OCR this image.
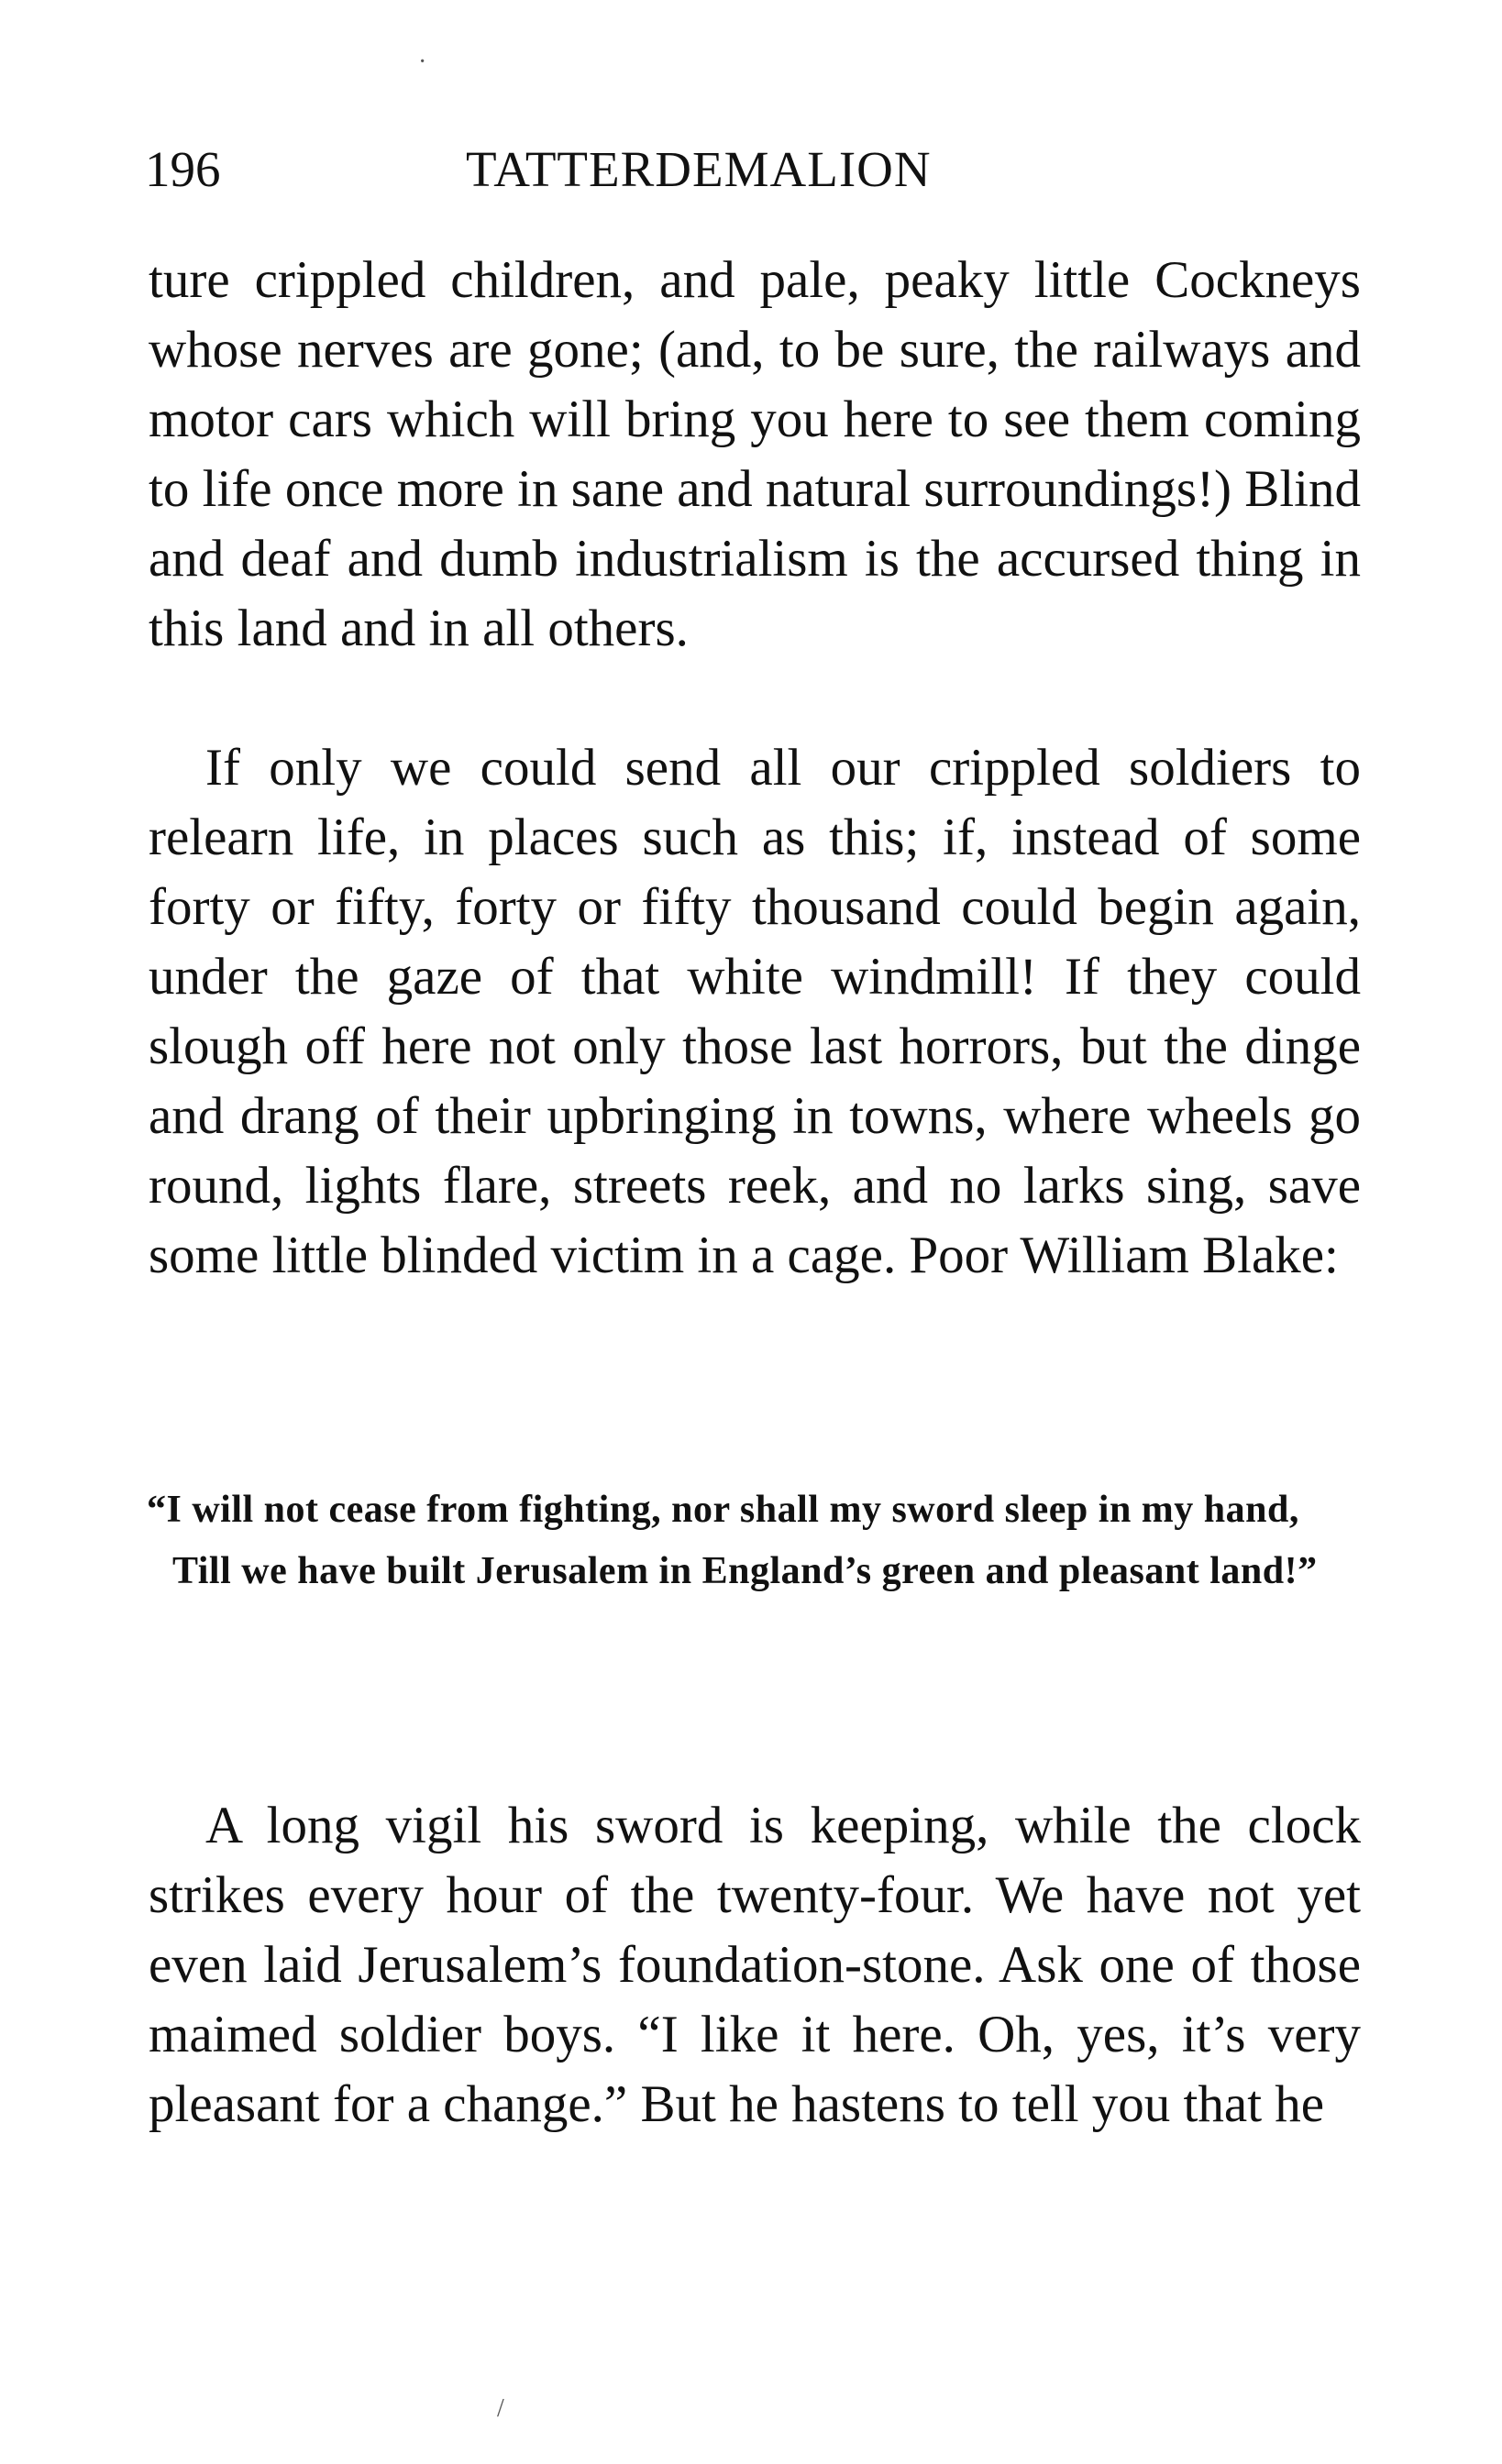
196	TATTERDEMALION

ture crippled children, and pale, peaky little Cockneys whose nerves are gone; (and, to be sure, the railways and motor cars which will bring you here to see them coming to life once more in sane and natural surroundings!) Blind and deaf and dumb industrialism is the accursed thing in this land and in all others.

If only we could send all our crippled soldiers to relearn life, in places such as this; if, instead of some forty or fifty, forty or fifty thousand could begin again, under the gaze of that white windmill! If they could slough off here not only those last horrors, but the dinge and drang of their upbringing in towns, where wheels go round, lights flare, streets reek, and no larks sing, save some little blinded victim in a cage. Poor William Blake:

“I will not cease from fighting, nor shall my sword sleep in my hand,

Till we have built Jerusalem in England’s green and pleasant land!”

A long vigil his sword is keeping, while the clock strikes every hour of the twenty-four. We have not yet even laid Jerusalem’s foundation-stone. Ask one of those maimed soldier boys. “I like it here. Oh, yes, it’s very pleasant for a change.” But he hastens to tell you that he

·
/
